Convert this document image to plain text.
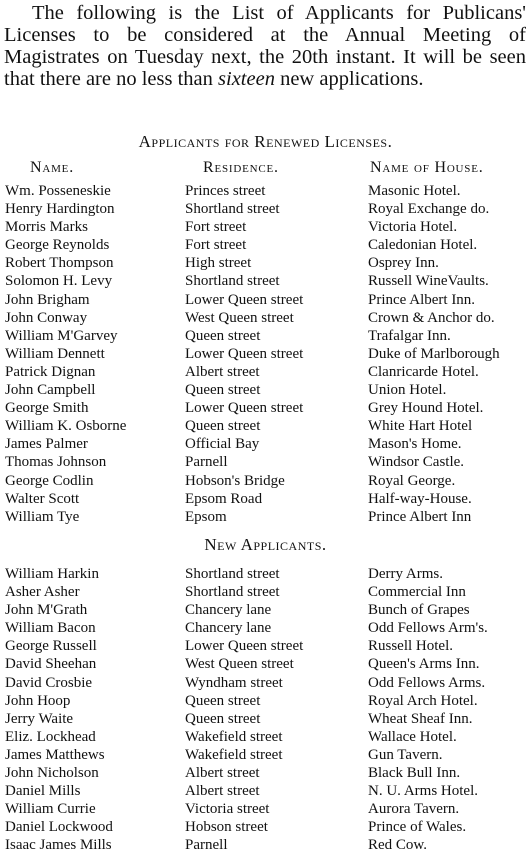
The following is the List of Applicants for Publicans' Licenses to be considered at the Annual Meeting of Magistrates on Tuesday next, the 20th instant. It will be seen that there are no less than sixteen new applications.
Applicants for Renewed Licenses.
Name.	Residence.	Name of House.
Wm. Posseneskie	Princes street	Masonic Hotel.
Henry Hardington	Shortland street	Royal Exchange do.
Morris Marks	Fort street	Victoria Hotel.
George Reynolds	Fort street	Caledonian Hotel.
Robert Thompson	High street	Osprey Inn.
Solomon H. Levy	Shortland street	Russell WineVaults.
John Brigham	Lower Queen street	Prince Albert Inn.
John Conway	West Queen street	Crown & Anchor do.
William M'Garvey	Queen street	Trafalgar Inn.
William Dennett	Lower Queen street	Duke of Marlborough
Patrick Dignan	Albert street	Clanricarde Hotel.
John Campbell	Queen street	Union Hotel.
George Smith	Lower Queen street	Grey Hound Hotel.
William K. Osborne	Queen street	White Hart Hotel
James Palmer	Official Bay	Mason's Home.
Thomas Johnson	Parnell	Windsor Castle.
George Codlin	Hobson's Bridge	Royal George.
Walter Scott	Epsom Road	Half-way-House.
William Tye	Epsom	Prince Albert Inn
New Applicants.
William Harkin	Shortland street	Derry Arms.
Asher Asher	Shortland street	Commercial Inn
John M'Grath	Chancery lane	Bunch of Grapes
William Bacon	Chancery lane	Odd Fellows Arm's.
George Russell	Lower Queen street	Russell Hotel.
David Sheehan	West Queen street	Queen's Arms Inn.
David Crosbie	Wyndham street	Odd Fellows Arms.
John Hoop	Queen street	Royal Arch Hotel.
Jerry Waite	Queen street	Wheat Sheaf Inn.
Eliz. Lockhead	Wakefield street	Wallace Hotel.
James Matthews	Wakefield street	Gun Tavern.
John Nicholson	Albert street	Black Bull Inn.
Daniel Mills	Albert street	N. U. Arms Hotel.
William Currie	Victoria street	Aurora Tavern.
Daniel Lockwood	Hobson street	Prince of Wales.
Isaac James Mills	Parnell	Red Cow.
